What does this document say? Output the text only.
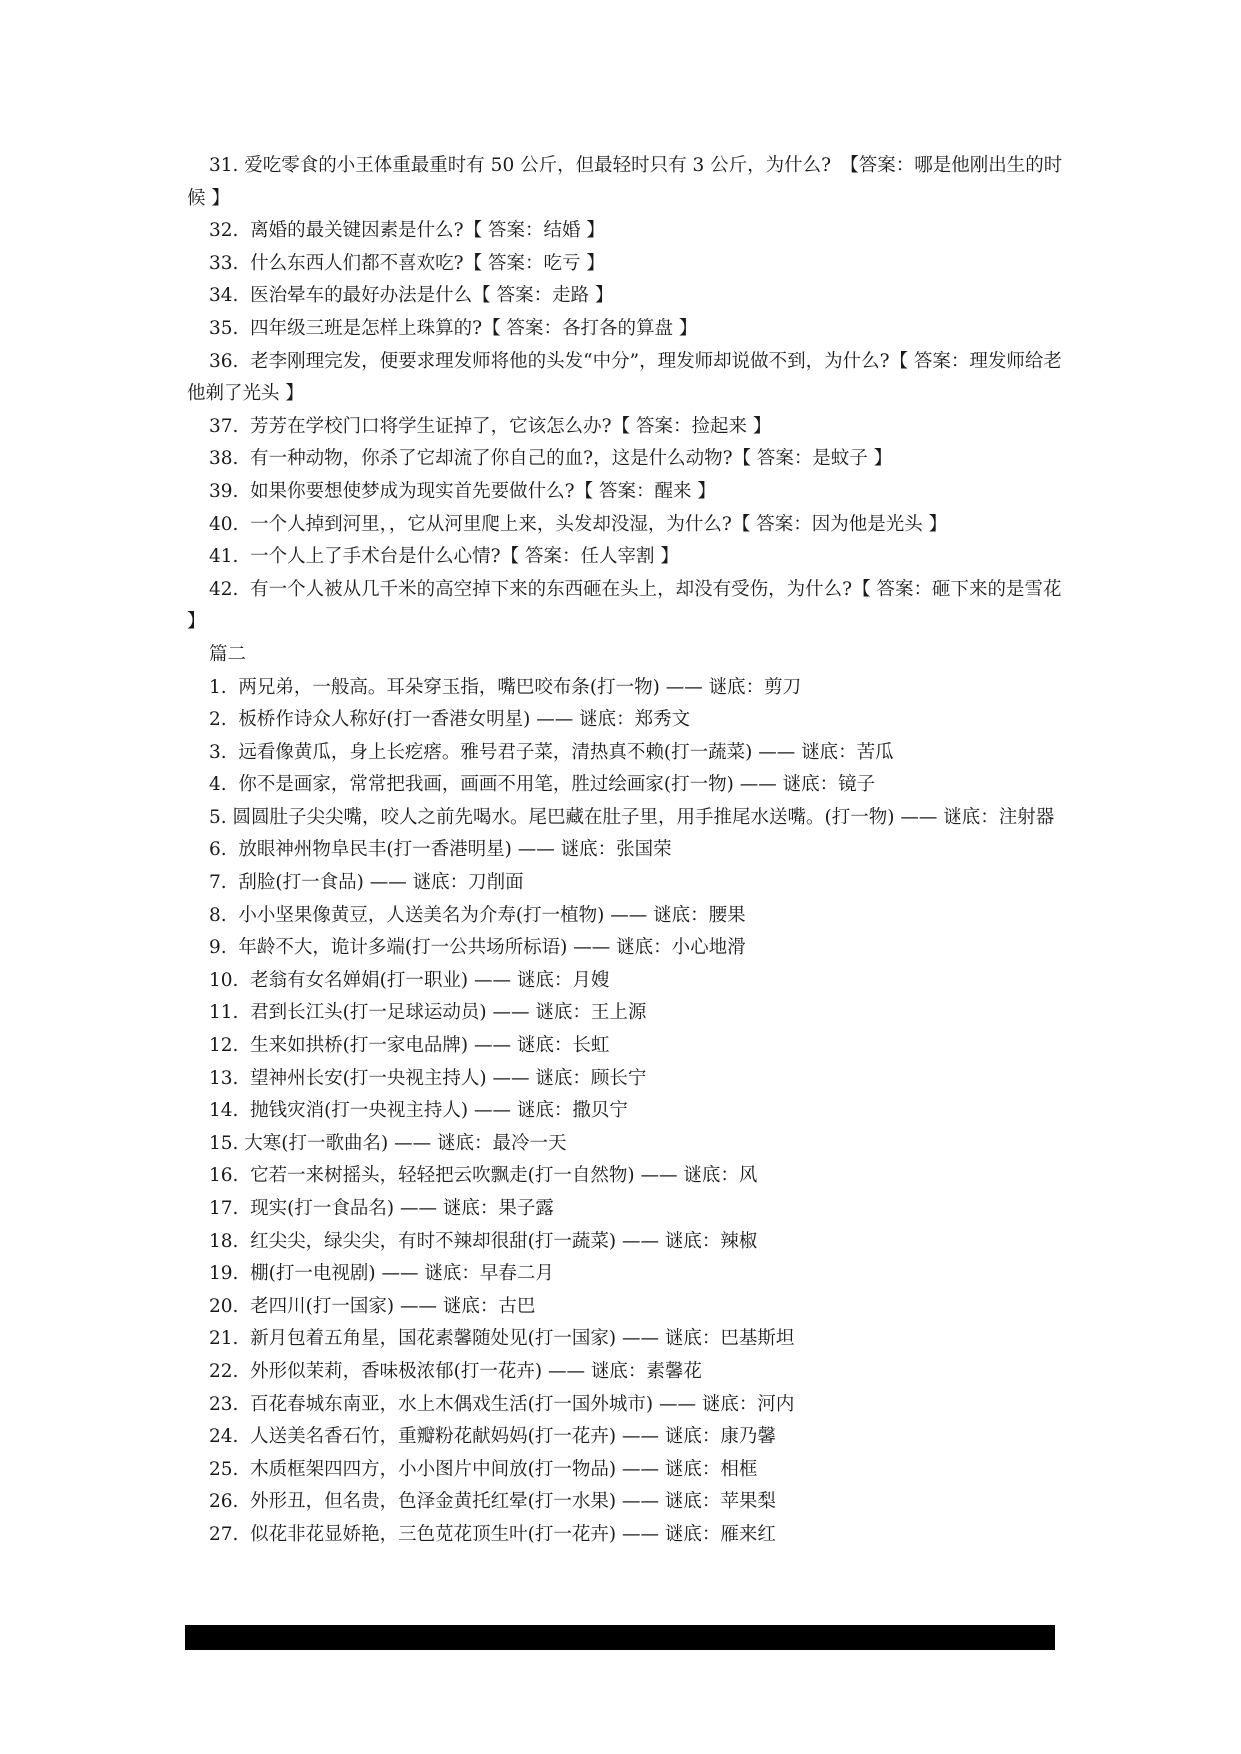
31. 爱吃零食的小王体重最重时有 50 公斤，但最轻时只有 3 公斤，为什么?　【答案：哪是他刚出生的时候 】

32.  离婚的最关键因素是什么?【 答案：结婚 】

33.  什么东西人们都不喜欢吃?【 答案：吃亏 】

34.  医治晕车的最好办法是什么【 答案：走路 】

35.  四年级三班是怎样上珠算的?【 答案：各打各的算盘 】

36.  老李刚理完发，便要求理发师将他的头发“中分”，理发师却说做不到，为什么?【 答案：理发师给老他剃了光头 】

37.  芳芳在学校门口将学生证掉了，它该怎么办?【 答案：捡起来 】

38.  有一种动物，你杀了它却流了你自己的血?，这是什么动物?【 答案：是蚊子 】

39.  如果你要想使梦成为现实首先要做什么?【 答案：醒来 】

40.  一个人掉到河里，，它从河里爬上来，头发却没湿，为什么?【 答案：因为他是光头 】

41.  一个人上了手术台是什么心情?【 答案：任人宰割 】

42.  有一个人被从几千米的高空掉下来的东西砸在头上，却没有受伤，为什么?【 答案：砸下来的是雪花 】

篇二

1.  两兄弟，一般高。耳朵穿玉指，嘴巴咬布条(打一物) —— 谜底：剪刀

2.  板桥作诗众人称好(打一香港女明星) —— 谜底：郑秀文

3.  远看像黄瓜，身上长疙瘩。雅号君子菜，清热真不赖(打一蔬菜) —— 谜底：苦瓜

4.  你不是画家，常常把我画，画画不用笔，胜过绘画家(打一物) —— 谜底：镜子

5. 圆圆肚子尖尖嘴，咬人之前先喝水。尾巴藏在肚子里，用手推尾水送嘴。(打一物) —— 谜底：注射器

6.  放眼神州物阜民丰(打一香港明星) —— 谜底：张国荣

7.  刮脸(打一食品) —— 谜底：刀削面

8.  小小坚果像黄豆，人送美名为介寿(打一植物) —— 谜底：腰果

9.  年龄不大，诡计多端(打一公共场所标语) —— 谜底：小心地滑

10.  老翁有女名婵娟(打一职业) —— 谜底：月嫂

11.  君到长江头(打一足球运动员) —— 谜底：王上源

12.  生来如拱桥(打一家电品牌) —— 谜底：长虹

13.  望神州长安(打一央视主持人) —— 谜底：顾长宁

14.  抛钱灾消(打一央视主持人) —— 谜底：撒贝宁

15. 大寒(打一歌曲名) —— 谜底：最冷一天

16.  它若一来树摇头，轻轻把云吹飘走(打一自然物) —— 谜底：风

17.  现实(打一食品名) —— 谜底：果子露

18.  红尖尖，绿尖尖，有时不辣却很甜(打一蔬菜) —— 谜底：辣椒

19.  棚(打一电视剧) —— 谜底：早春二月

20.  老四川(打一国家) —— 谜底：古巴

21.  新月包着五角星，国花素馨随处见(打一国家) —— 谜底：巴基斯坦

22.  外形似茉莉，香味极浓郁(打一花卉) —— 谜底：素馨花

23.  百花春城东南亚，水上木偶戏生活(打一国外城市) —— 谜底：河内

24.  人送美名香石竹，重瓣粉花献妈妈(打一花卉) —— 谜底：康乃馨

25.  木质框架四四方，小小图片中间放(打一物品) —— 谜底：相框

26.  外形丑，但名贵，色泽金黄托红晕(打一水果) —— 谜底：苹果梨

27.  似花非花显娇艳，三色苋花顶生叶(打一花卉) —— 谜底：雁来红

第 2 页  /总页数  3  页
